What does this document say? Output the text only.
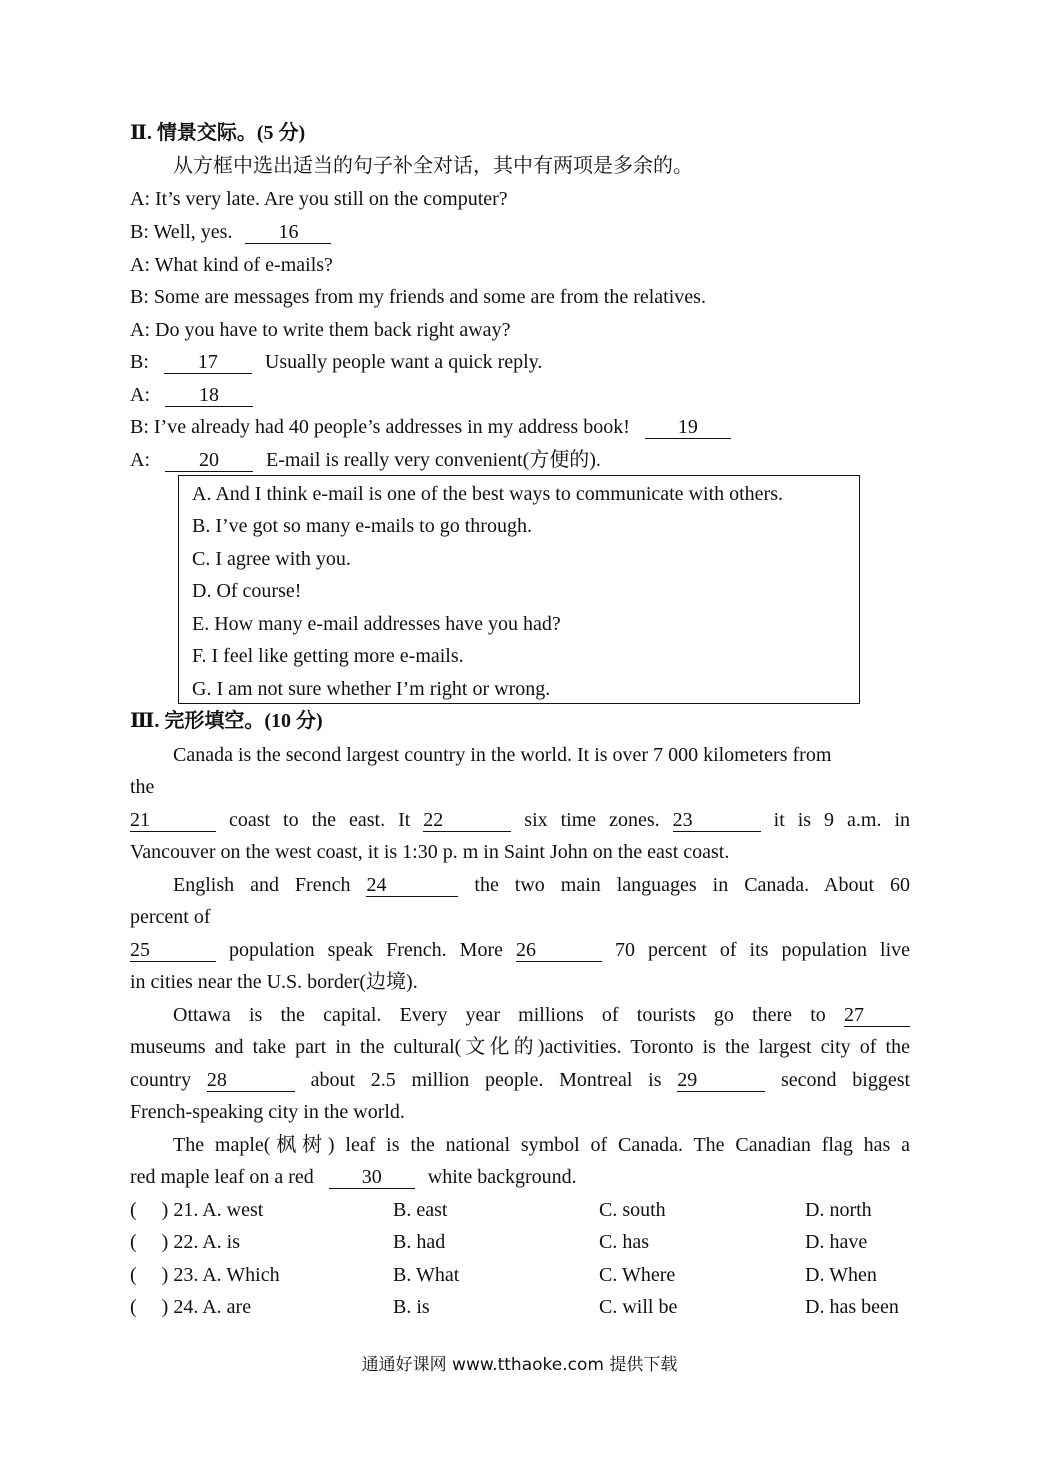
Ⅱ. 情景交际。(5 分)
从方框中选出适当的句子补全对话，其中有两项是多余的。
A: It’s very late. Are you still on the computer?
B: Well, yes. 16
A: What kind of e-mails?
B: Some are messages from my friends and some are from the relatives.
A: Do you have to write them back right away?
B: 17 Usually people want a quick reply.
A: 18
B: I’ve already had 40 people’s addresses in my address book! 19
A: 20 E-mail is really very convenient(方便的).
A. And I think e-mail is one of the best ways to communicate with others.
B. I’ve got so many e-mails to go through.
C. I agree with you.
D. Of course!
E. How many e-mail addresses have you had?
F. I feel like getting more e-mails.
G. I am not sure whether I’m right or wrong.
Ⅲ. 完形填空。(10 分)
Canada is the second largest country in the world. It is over 7 000 kilometers from
the
21	coast to the east. It 22	six time zones. 23	it is 9 a.m. in
Vancouver on the west coast, it is 1:30 p. m in Saint John on the east coast.
English and French 24	the two main languages in Canada. About 60
percent of
25	population speak French. More 26	70 percent of its population live
in cities near the U.S. border(边境).
Ottawa is the capital. Every year millions of tourists go there to 27
museums and take part in the cultural(文化的)activities. Toronto is the largest city of the
country 28	about 2.5 million people. Montreal is 29	second biggest
French-speaking city in the world.
The maple(枫树) leaf is the national symbol of Canada. The Canadian flag has a
red maple leaf on a red 30 white background.
(　 ) 21. A. west	B. east	C. south	D. north
(　 ) 22. A. is	B. had	C. has	D. have
(　 ) 23. A. Which	B. What	C. Where	D. When
(　 ) 24. A. are	B. is	C. will be	D. has been
通通好课网 www.tthaoke.com 提供下载
